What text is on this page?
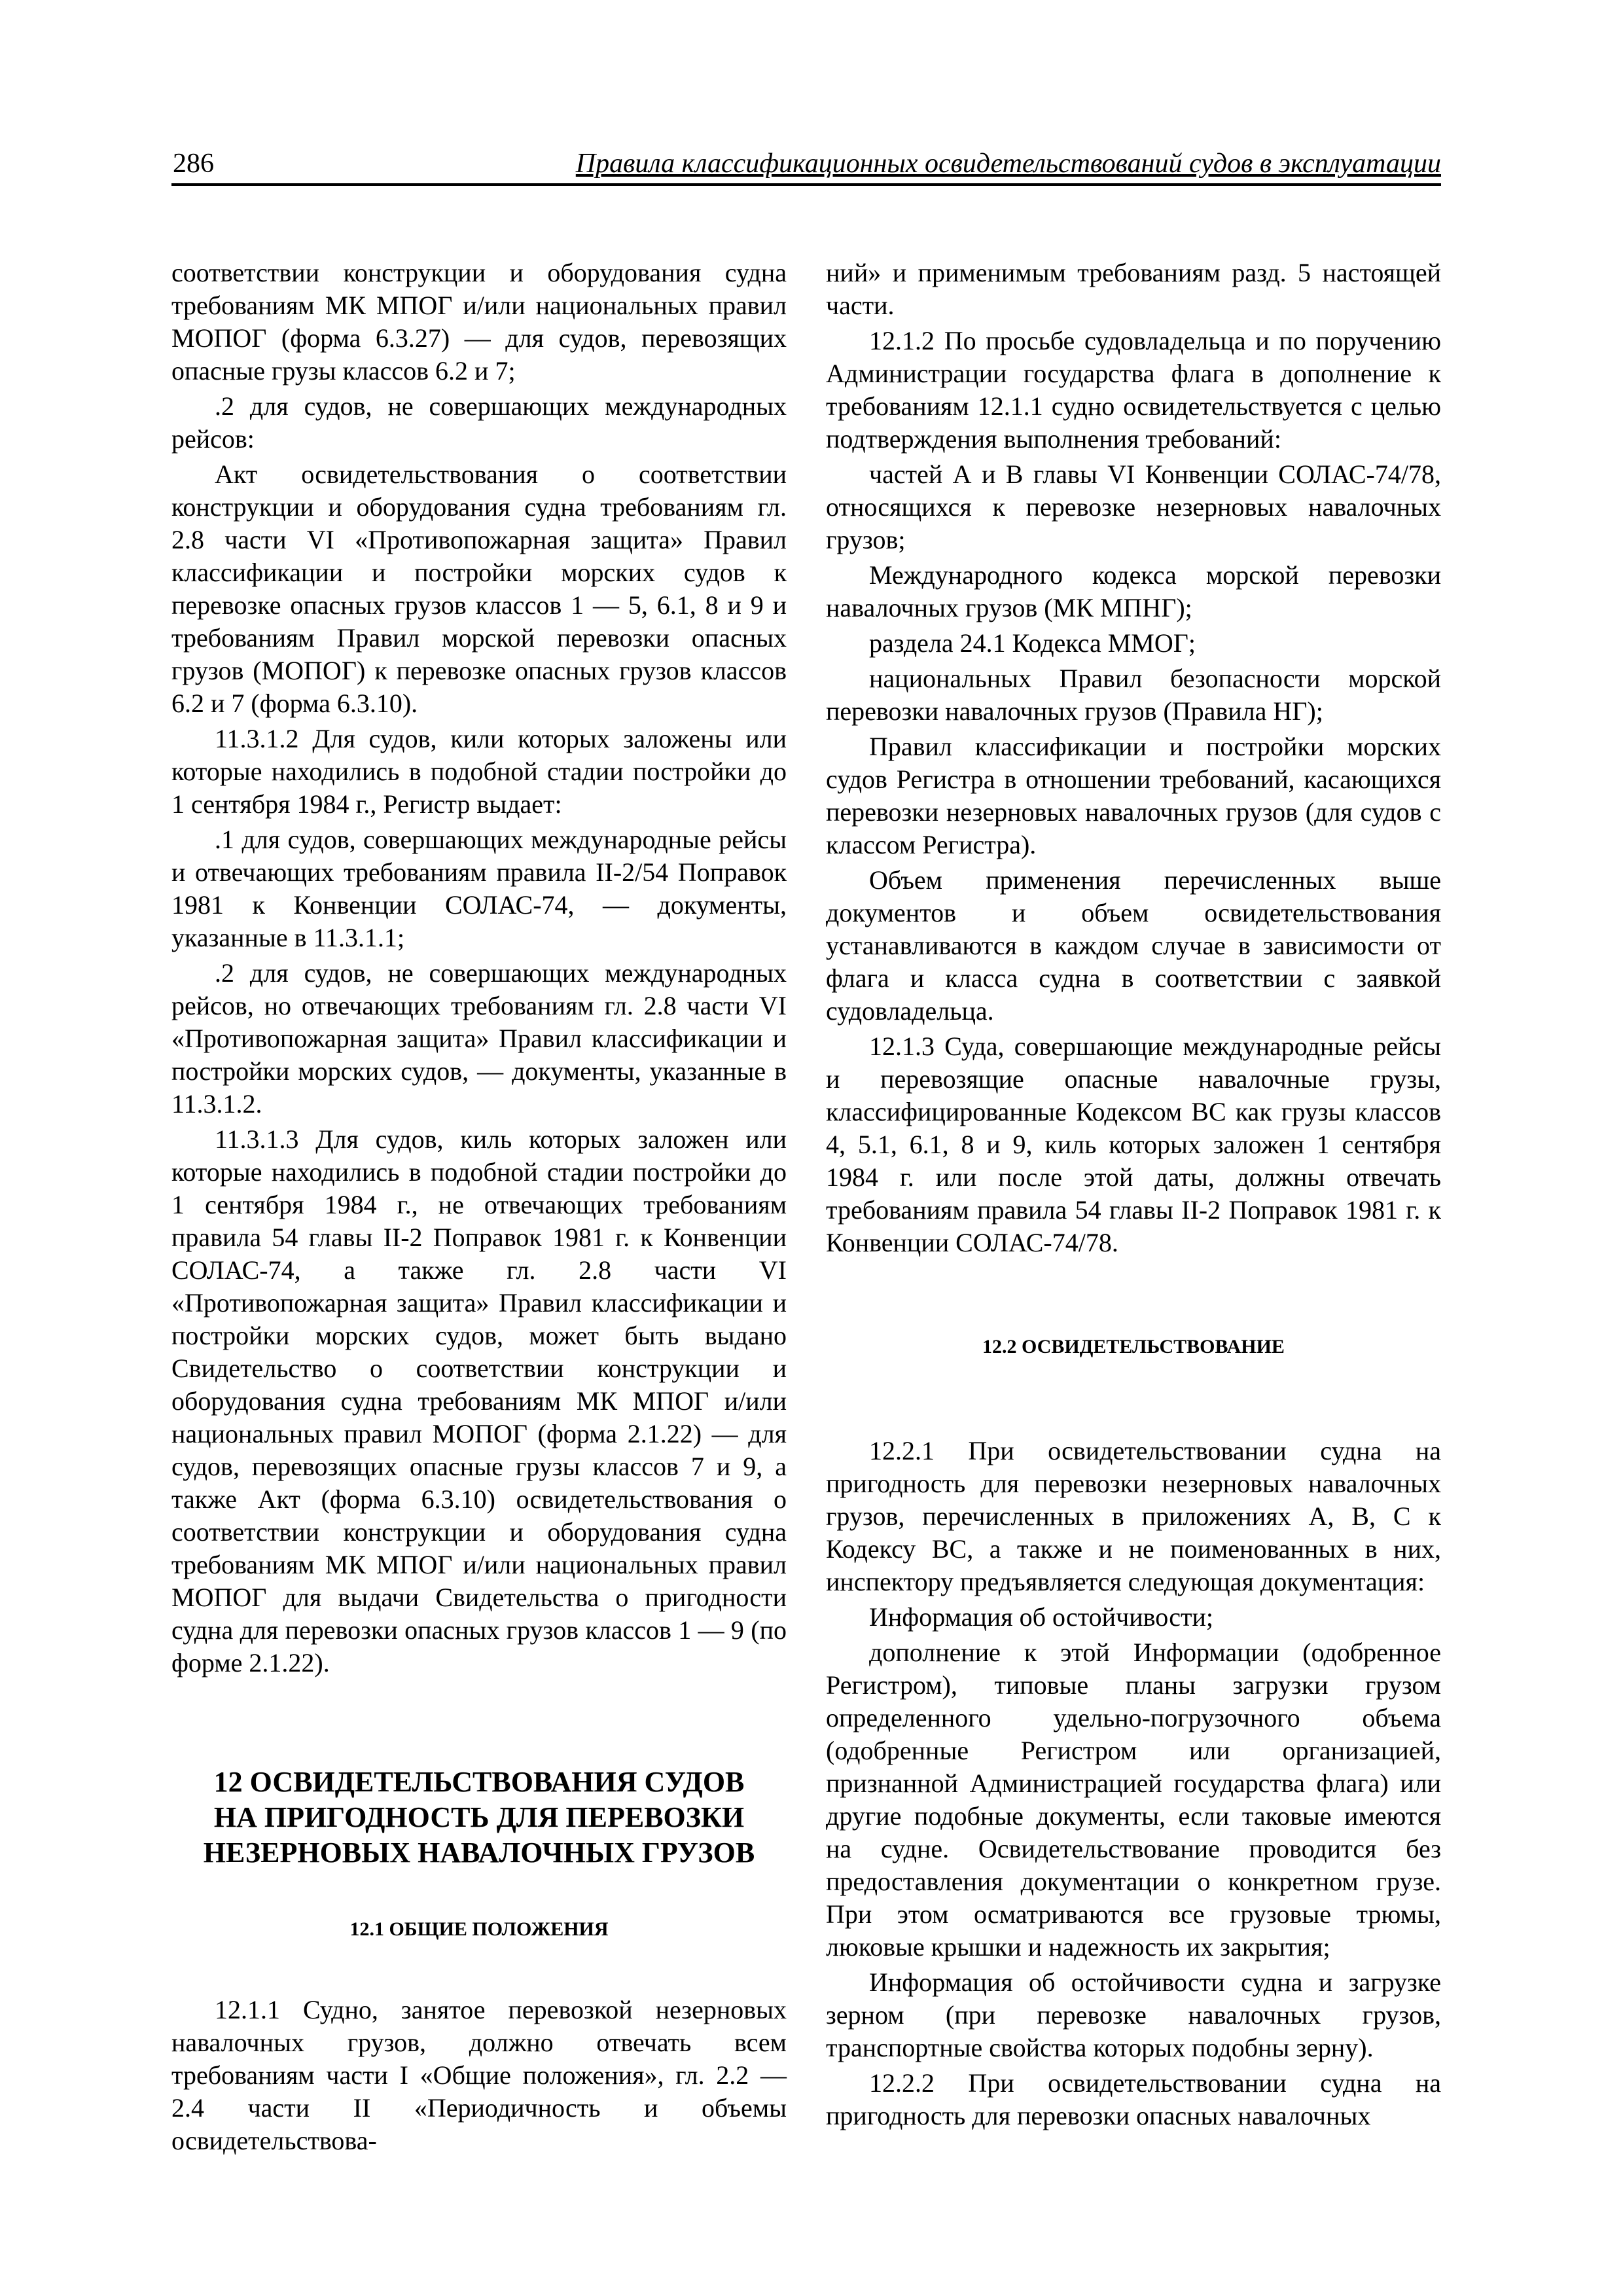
286	Правила классификационных освидетельствований судов в эксплуатации

соответствии конструкции и оборудования судна требованиям МК МПОГ и/или национальных правил МОПОГ (форма 6.3.27) — для судов, перевозящих опасные грузы классов 6.2 и 7;

.2 для судов, не совершающих международных рейсов:

Акт освидетельствования о соответствии конструкции и оборудования судна требованиям гл. 2.8 части VI «Противопожарная защита» Правил классификации и постройки морских судов к перевозке опасных грузов классов 1 — 5, 6.1, 8 и 9 и требованиям Правил морской перевозки опасных грузов (МОПОГ) к перевозке опасных грузов классов 6.2 и 7 (форма 6.3.10).

11.3.1.2 Для судов, кили которых заложены или которые находились в подобной стадии постройки до 1 сентября 1984 г., Регистр выдает:

.1 для судов, совершающих международные рейсы и отвечающих требованиям правила II-2/54 Поправок 1981 к Конвенции СОЛАС-74, — документы, указанные в 11.3.1.1;

.2 для судов, не совершающих международных рейсов, но отвечающих требованиям гл. 2.8 части VI «Противопожарная защита» Правил классификации и постройки морских судов, — документы, указанные в 11.3.1.2.

11.3.1.3 Для судов, киль которых заложен или которые находились в подобной стадии постройки до 1 сентября 1984 г., не отвечающих требованиям правила 54 главы II-2 Поправок 1981 г. к Конвенции СОЛАС-74, а также гл. 2.8 части VI «Противопожарная защита» Правил классификации и постройки морских судов, может быть выдано Свидетельство о соответствии конструкции и оборудования судна требованиям МК МПОГ и/или национальных правил МОПОГ (форма 2.1.22) — для судов, перевозящих опасные грузы классов 7 и 9, а также Акт (форма 6.3.10) освидетельствования о соответствии конструкции и оборудования судна требованиям МК МПОГ и/или национальных правил МОПОГ для выдачи Свидетельства о пригодности судна для перевозки опасных грузов классов 1 — 9 (по форме 2.1.22).

12 ОСВИДЕТЕЛЬСТВОВАНИЯ СУДОВ
НА ПРИГОДНОСТЬ ДЛЯ ПЕРЕВОЗКИ
НЕЗЕРНОВЫХ НАВАЛОЧНЫХ ГРУЗОВ
12.1 ОБЩИЕ ПОЛОЖЕНИЯ

12.1.1 Судно, занятое перевозкой незерновых навалочных грузов, должно отвечать всем требованиям части I «Общие положения», гл. 2.2 — 2.4 части II «Периодичность и объемы освидетельствова-

ний» и применимым требованиям разд. 5 настоящей части.

12.1.2 По просьбе судовладельца и по поручению Администрации государства флага в дополнение к требованиям 12.1.1 судно освидетельствуется с целью подтверждения выполнения требований:

частей А и В главы VI Конвенции СОЛАС-74/78, относящихся к перевозке незерновых навалочных грузов;

Международного кодекса морской перевозки навалочных грузов (МК МПНГ);

раздела 24.1 Кодекса ММОГ;

национальных Правил безопасности морской перевозки навалочных грузов (Правила НГ);

Правил классификации и постройки морских судов Регистра в отношении требований, касающихся перевозки незерновых навалочных грузов (для судов с классом Регистра).

Объем применения перечисленных выше документов и объем освидетельствования устанавливаются в каждом случае в зависимости от флага и класса судна в соответствии с заявкой судовладельца.

12.1.3 Суда, совершающие международные рейсы и перевозящие опасные навалочные грузы, классифицированные Кодексом ВС как грузы классов 4, 5.1, 6.1, 8 и 9, киль которых заложен 1 сентября 1984 г. или после этой даты, должны отвечать требованиям правила 54 главы II-2 Поправок 1981 г. к Конвенции СОЛАС-74/78.

12.2 ОСВИДЕТЕЛЬСТВОВАНИЕ

12.2.1 При освидетельствовании судна на пригодность для перевозки незерновых навалочных грузов, перечисленных в приложениях А, В, С к Кодексу ВС, а также и не поименованных в них, инспектору предъявляется следующая документация:

Информация об остойчивости;

дополнение к этой Информации (одобренное Регистром), типовые планы загрузки грузом определенного удельно-погрузочного объема (одобренные Регистром или организацией, признанной Администрацией государства флага) или другие подобные документы, если таковые имеются на судне. Освидетельствование проводится без предоставления документации о конкретном грузе. При этом осматриваются все грузовые трюмы, люковые крышки и надежность их закрытия;

Информация об остойчивости судна и загрузке зерном (при перевозке навалочных грузов, транспортные свойства которых подобны зерну).

12.2.2 При освидетельствовании судна на пригодность для перевозки опасных навалочных
